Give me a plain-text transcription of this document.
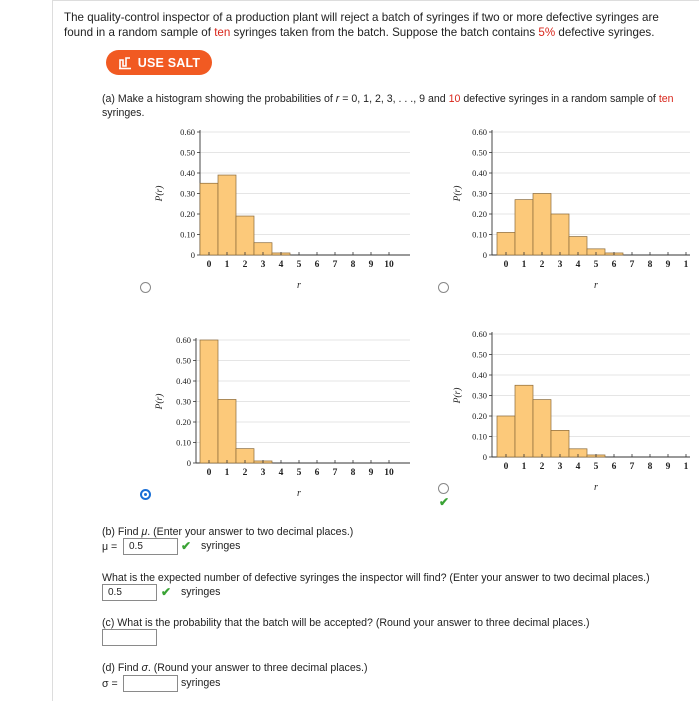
The quality-control inspector of a production plant will reject a batch of syringes if two or more defective syringes are found in a random sample of ten syringes taken from the batch. Suppose the batch contains 5% defective syringes.
USE SALT
(a) Make a histogram showing the probabilities of r = 0, 1, 2, 3, . . ., 9 and 10 defective syringes in a random sample of ten syringes.
0
0.10
0.20
0.30
0.40
0.50
0.60
0 1 2 3 4 5 6 7 8 9 10
r
P(r)
0
0.10
0.20
0.30
0.40
0.50
0.60
0 1 2 3 4 5 6 7 8 9 1
r
P(r)
0
0.10
0.20
0.30
0.40
0.50
0.60
0 1 2 3 4 5 6 7 8 9 10
r
P(r)
0
0.10
0.20
0.30
0.40
0.50
0.60
0 1 2 3 4 5 6 7 8 9 1
r
P(r)
✔
(b) Find μ. (Enter your answer to two decimal places.)
μ =	0.5	✔ syringes
What is the expected number of defective syringes the inspector will find? (Enter your answer to two decimal places.)
0.5	✔ syringes
(c) What is the probability that the batch will be accepted? (Round your answer to three decimal places.)
(d) Find σ. (Round your answer to three decimal places.)
σ =	syringes
